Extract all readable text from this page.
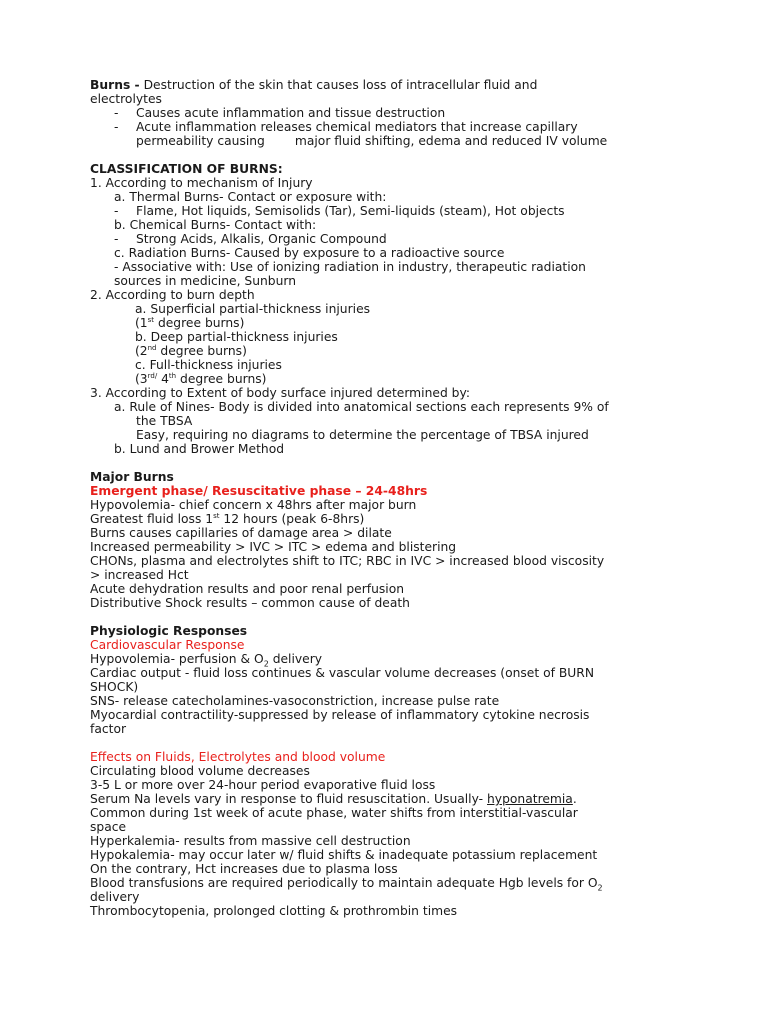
Burns - Destruction of the skin that causes loss of intracellular fluid and
electrolytes
- Causes acute inflammation and tissue destruction
- Acute inflammation releases chemical mediators that increase capillary
permeability causing major fluid shifting, edema and reduced IV volume
CLASSIFICATION OF BURNS:
1. According to mechanism of Injury
a. Thermal Burns- Contact or exposure with:
- Flame, Hot liquids, Semisolids (Tar), Semi-liquids (steam), Hot objects
b. Chemical Burns- Contact with:
- Strong Acids, Alkalis, Organic Compound
c. Radiation Burns- Caused by exposure to a radioactive source
- Associative with: Use of ionizing radiation in industry, therapeutic radiation
sources in medicine, Sunburn
2. According to burn depth
a. Superficial partial-thickness injuries
(1st degree burns)
b. Deep partial-thickness injuries
(2nd degree burns)
c. Full-thickness injuries
($3^{rd/}$ 4th degree burns)
3. According to Extent of body surface injured determined by:
a. Rule of Nines- Body is divided into anatomical sections each represents 9% of
the TBSA
Easy, requiring no diagrams to determine the percentage of TBSA injured
b. Lund and Brower Method
Major Burns
Emergent phase/ Resuscitative phase – 24-48hrs
Hypovolemia- chief concern x 48hrs after major burn
Greatest fluid loss 1st 12 hours (peak 6-8hrs)
Burns causes capillaries of damage area > dilate
Increased permeability > IVC > ITC > edema and blistering
CHONs, plasma and electrolytes shift to ITC; RBC in IVC > increased blood viscosity
> increased Hct
Acute dehydration results and poor renal perfusion
Distributive Shock results – common cause of death
Physiologic Responses
Cardiovascular Response
Hypovolemia- perfusion & $O_2$ delivery
Cardiac output - fluid loss continues & vascular volume decreases (onset of BURN
SHOCK)
SNS- release catecholamines-vasoconstriction, increase pulse rate
Myocardial contractility-suppressed by release of inflammatory cytokine necrosis
factor
Effects on Fluids, Electrolytes and blood volume
Circulating blood volume decreases
3-5 L or more over 24-hour period evaporative fluid loss
Serum Na levels vary in response to fluid resuscitation. Usually- hyponatremia.
Common during 1st week of acute phase, water shifts from interstitial-vascular
space
Hyperkalemia- results from massive cell destruction
Hypokalemia- may occur later w/ fluid shifts & inadequate potassium replacement
On the contrary, Hct increases due to plasma loss
Blood transfusions are required periodically to maintain adequate Hgb levels for $O_2$
delivery
Thrombocytopenia, prolonged clotting & prothrombin times
